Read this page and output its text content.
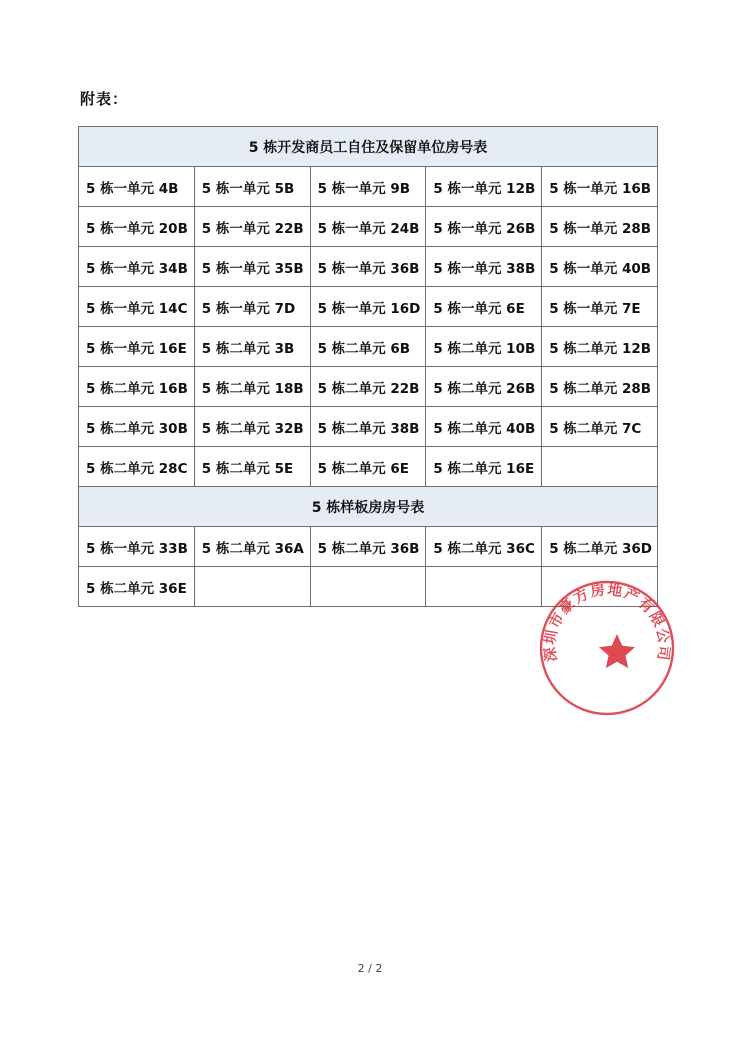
附表：
5 栋开发商员工自住及保留单位房号表				
5 栋一单元 4B	5 栋一单元 5B	5 栋一单元 9B	5 栋一单元 12B	5 栋一单元 16B
5 栋一单元 20B	5 栋一单元 22B	5 栋一单元 24B	5 栋一单元 26B	5 栋一单元 28B
5 栋一单元 34B	5 栋一单元 35B	5 栋一单元 36B	5 栋一单元 38B	5 栋一单元 40B
5 栋一单元 14C	5 栋一单元 7D	5 栋一单元 16D	5 栋一单元 6E	5 栋一单元 7E
5 栋一单元 16E	5 栋二单元 3B	5 栋二单元 6B	5 栋二单元 10B	5 栋二单元 12B
5 栋二单元 16B	5 栋二单元 18B	5 栋二单元 22B	5 栋二单元 26B	5 栋二单元 28B
5 栋二单元 30B	5 栋二单元 32B	5 栋二单元 38B	5 栋二单元 40B	5 栋二单元 7C
5 栋二单元 28C	5 栋二单元 5E	5 栋二单元 6E	5 栋二单元 16E	
5 栋样板房房号表				
5 栋一单元 33B	5 栋二单元 36A	5 栋二单元 36B	5 栋二单元 36C	5 栋二单元 36D
5 栋二单元 36E				
深圳市豪方房地产有限公司
2 / 2
